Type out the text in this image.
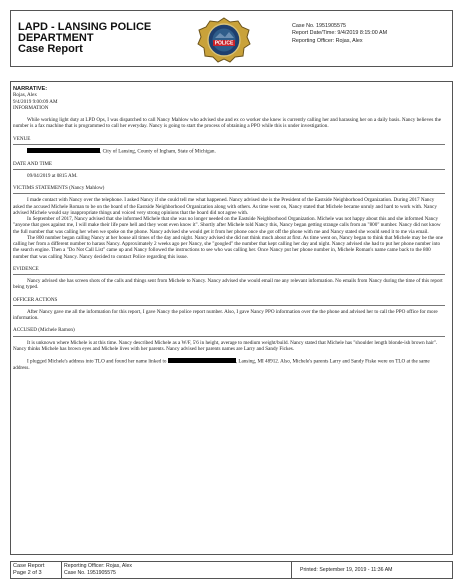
LAPD - LANSING POLICE
DEPARTMENT
Case Report	POLICE
Case No. 1951905575
Report Date/Time: 9/4/2019 8:15:00 AM
Reporting Officer: Rojas, Alex

NARRATIVE:

Rojas, Alex

9/4/2019 9:00:09 AM

INFORMATION

While working light duty at LPD Ops, I was dispatched to call Nancy Mahlow who advised she and ex co worker she knew is currently calling her and harassing her on a daily basis. Nancy believes the number is a fax machine that is programmed to call her everyday. Nancy is going to start the process of obtaining a PPO while this is under investigation.

VENUE

, City of Lansing, County of Ingham, State of Michigan.

DATE AND TIME

09/04/2019 at 0815 AM.

VICTIMS STATEMENTS (Nancy Mahlow)

I made contact with Nancy over the telephone. I asked Nancy if she could tell me what happened. Nancy advised she is the President of the Eastside Neighborhood Organization. During 2017 Nancy asked the accused Michele Roman to be on the board of the Eastside Neighborhood Organization along with others. As time went on, Nancy stated that Michele became unruly and hard to work with. Nancy advised Michele would say inappropriate things and voiced very strong opinions that the board did not agree with.

In September of 2017, Nancy advised that she informed Michele that she was no longer needed on the Eastside Neighborhood Organization. Michele was not happy about this and she informed Nancy "anyone that goes against me, I will make their life pure hell and they wont even know it". Shortly after Michele told Nancy this, Nancy began getting strange calls from an "800" number. Nancy did not know the full number that was calling her when we spoke on the phone. Nancy advised she would get it from her phone once she got off the phone with me and Nancy stated she would send it to me via email.

The 800 number began calling Nancy at her house all times of the day and night. Nancy advised she did not think much about at first. As time went on, Nancy began to think that Michele may be the one calling her from a different number to harass Nancy. Approximately 2 weeks ago per Nancy, she "googled" the number that kept calling her day and night. Nancy advised she had to put her phone number into the search engine. Then a "Do Not Call List" came up and Nancy followed the instructions to see who was calling her. Once Nancy put her phone number in, Michele Roman's name came back to the 800 number that was calling Nancy. Nancy decided to contact Police regarding this issue.

EVIDENCE

Nancy advised she has screen shots of the calls and things sent from Michele to Nancy. Nancy advised she would email me any relevant information. No emails from Nancy during the time of this report being typed.

OFFICER ACTIONS

After Nancy gave me all the information for this report, I gave Nancy the police report number. Also, I gave Nancy PPO information over the the phone and advised her to call the PPO office for more information.

ACCUSED (Michele Ramon)

It is unknown where Michele is at this time. Nancy described Michele as a W/F, 5'6 in height, average to medium weight/build. Nancy stated that Michele has "shoulder length blonde-ish brown hair". Nancy thinks Michele has brown eyes and Michele lives with her parents. Nancy advised her parents names are Larry and Sandy Fickes.

I plugged Michele's address into TLO and found her name linked to	, Lansing, MI 48912. Also, Michele's parents Larry and Sandy Fiske were on TLO at the same address.

Case Report
Page 2 of 3
Reporting Officer: Rojas, Alex
Case No. 1951905575
Printed: September 19, 2019 - 11:36 AM
